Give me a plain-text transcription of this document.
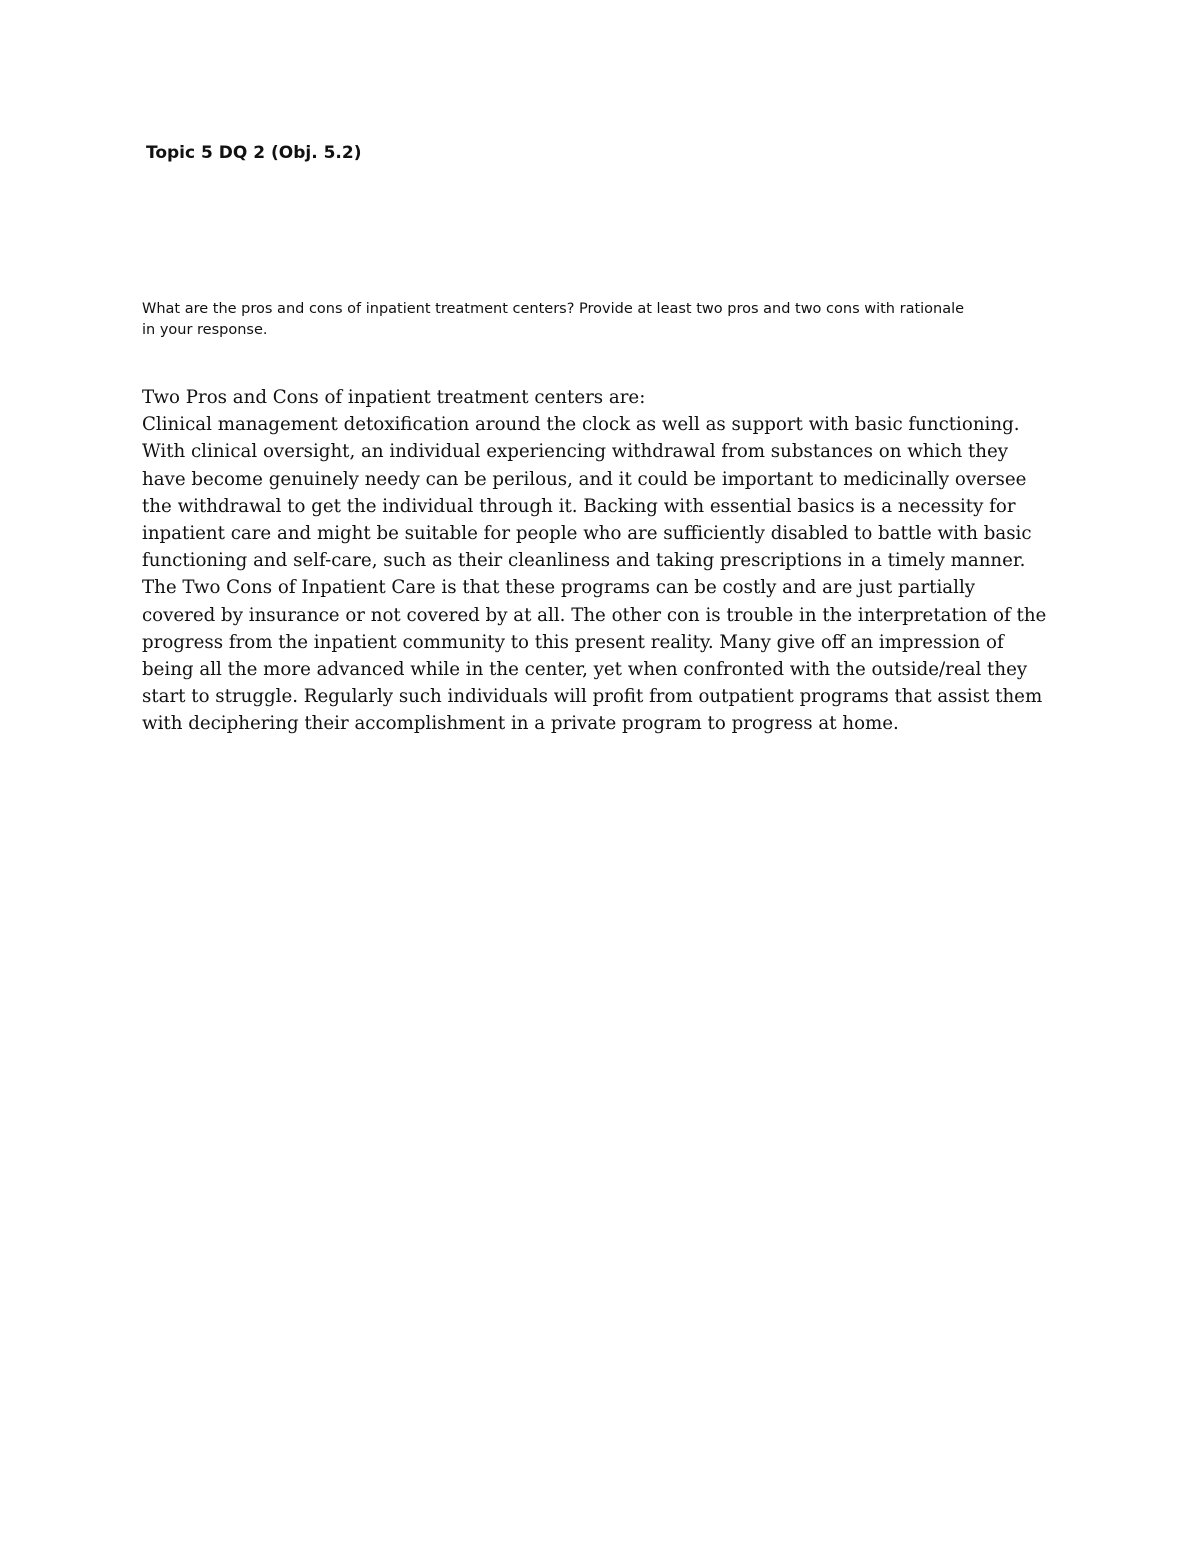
Topic 5 DQ 2 (Obj. 5.2)
What are the pros and cons of inpatient treatment centers? Provide at least two pros and two cons with rationale
in your response.
Two Pros and Cons of inpatient treatment centers are:
Clinical management detoxification around the clock as well as support with basic functioning.
With clinical oversight, an individual experiencing withdrawal from substances on which they
have become genuinely needy can be perilous, and it could be important to medicinally oversee
the withdrawal to get the individual through it. Backing with essential basics is a necessity for
inpatient care and might be suitable for people who are sufficiently disabled to battle with basic
functioning and self-care, such as their cleanliness and taking prescriptions in a timely manner.
The Two Cons of Inpatient Care is that these programs can be costly and are just partially
covered by insurance or not covered by at all. The other con is trouble in the interpretation of the
progress from the inpatient community to this present reality. Many give off an impression of
being all the more advanced while in the center, yet when confronted with the outside/real they
start to struggle. Regularly such individuals will profit from outpatient programs that assist them
with deciphering their accomplishment in a private program to progress at home.
